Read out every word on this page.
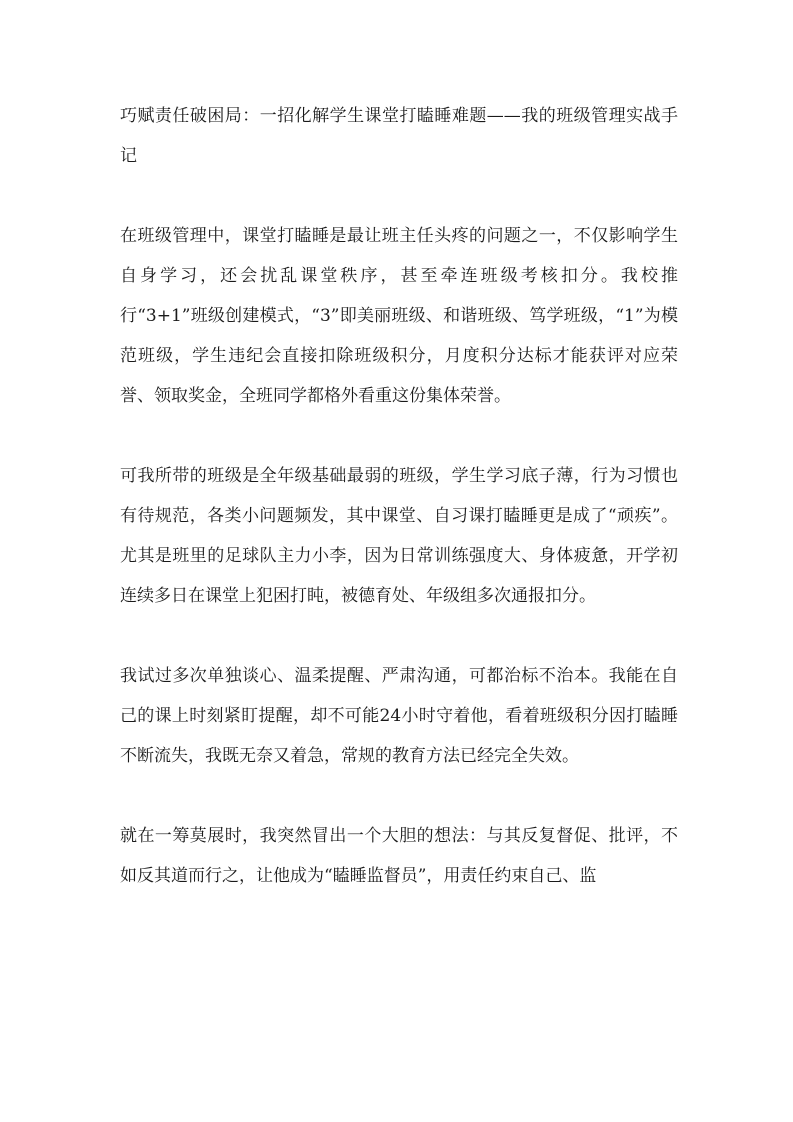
巧赋责任破困局：一招化解学生课堂打瞌睡难题——我的班级管理实战手记

在班级管理中，课堂打瞌睡是最让班主任头疼的问题之一，不仅影响学生自身学习，还会扰乱课堂秩序，甚至牵连班级考核扣分。我校推行“3+1”班级创建模式，“3”即美丽班级、和谐班级、笃学班级，“1”为模范班级，学生违纪会直接扣除班级积分，月度积分达标才能获评对应荣誉、领取奖金，全班同学都格外看重这份集体荣誉。

可我所带的班级是全年级基础最弱的班级，学生学习底子薄，行为习惯也有待规范，各类小问题频发，其中课堂、自习课打瞌睡更是成了“顽疾”。尤其是班里的足球队主力小李，因为日常训练强度大、身体疲惫，开学初连续多日在课堂上犯困打盹，被德育处、年级组多次通报扣分。

我试过多次单独谈心、温柔提醒、严肃沟通，可都治标不治本。我能在自己的课上时刻紧盯提醒，却不可能24小时守着他，看着班级积分因打瞌睡不断流失，我既无奈又着急，常规的教育方法已经完全失效。

就在一筹莫展时，我突然冒出一个大胆的想法：与其反复督促、批评，不如反其道而行之，让他成为“瞌睡监督员”，用责任约束自己、监
